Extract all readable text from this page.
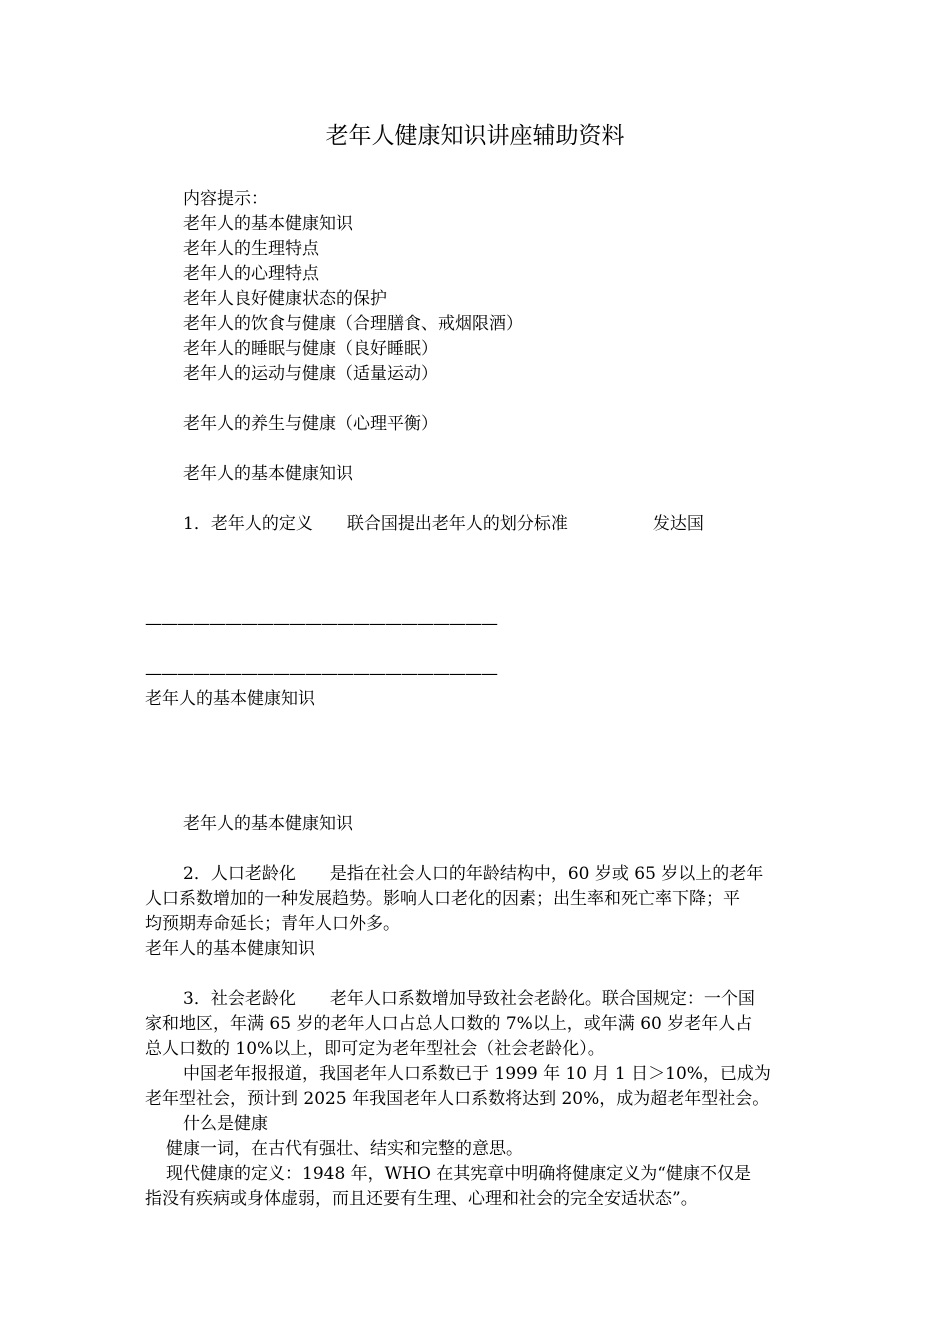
老年人健康知识讲座辅助资料
内容提示：
老年人的基本健康知识
老年人的生理特点
老年人的心理特点
老年人良好健康状态的保护
老年人的饮食与健康（合理膳食、戒烟限酒）
老年人的睡眠与健康（良好睡眠）
老年人的运动与健康（适量运动）
老年人的养生与健康（心理平衡）
老年人的基本健康知识
1．老年人的定义　　联合国提出老年人的划分标准　　　　　发达国

——————————————————————

——————————————————————
老年人的基本健康知识

老年人的基本健康知识
2．人口老龄化　　是指在社会人口的年龄结构中，60 岁或 65 岁以上的老年
人口系数增加的一种发展趋势。影响人口老化的因素；出生率和死亡率下降；平
均预期寿命延长；青年人口外多。
老年人的基本健康知识
3．社会老龄化　　老年人口系数增加导致社会老龄化。联合国规定：一个国
家和地区，年满 65 岁的老年人口占总人口数的 7%以上，或年满 60 岁老年人占
总人口数的 10%以上，即可定为老年型社会（社会老龄化）。
中国老年报报道，我国老年人口系数已于 1999 年 10 月 1 日＞10%，已成为
老年型社会，预计到 2025 年我国老年人口系数将达到 20%，成为超老年型社会。
什么是健康
健康一词，在古代有强壮、结实和完整的意思。
现代健康的定义：1948 年，WHO 在其宪章中明确将健康定义为“健康不仅是
指没有疾病或身体虚弱，而且还要有生理、心理和社会的完全安适状态”。
